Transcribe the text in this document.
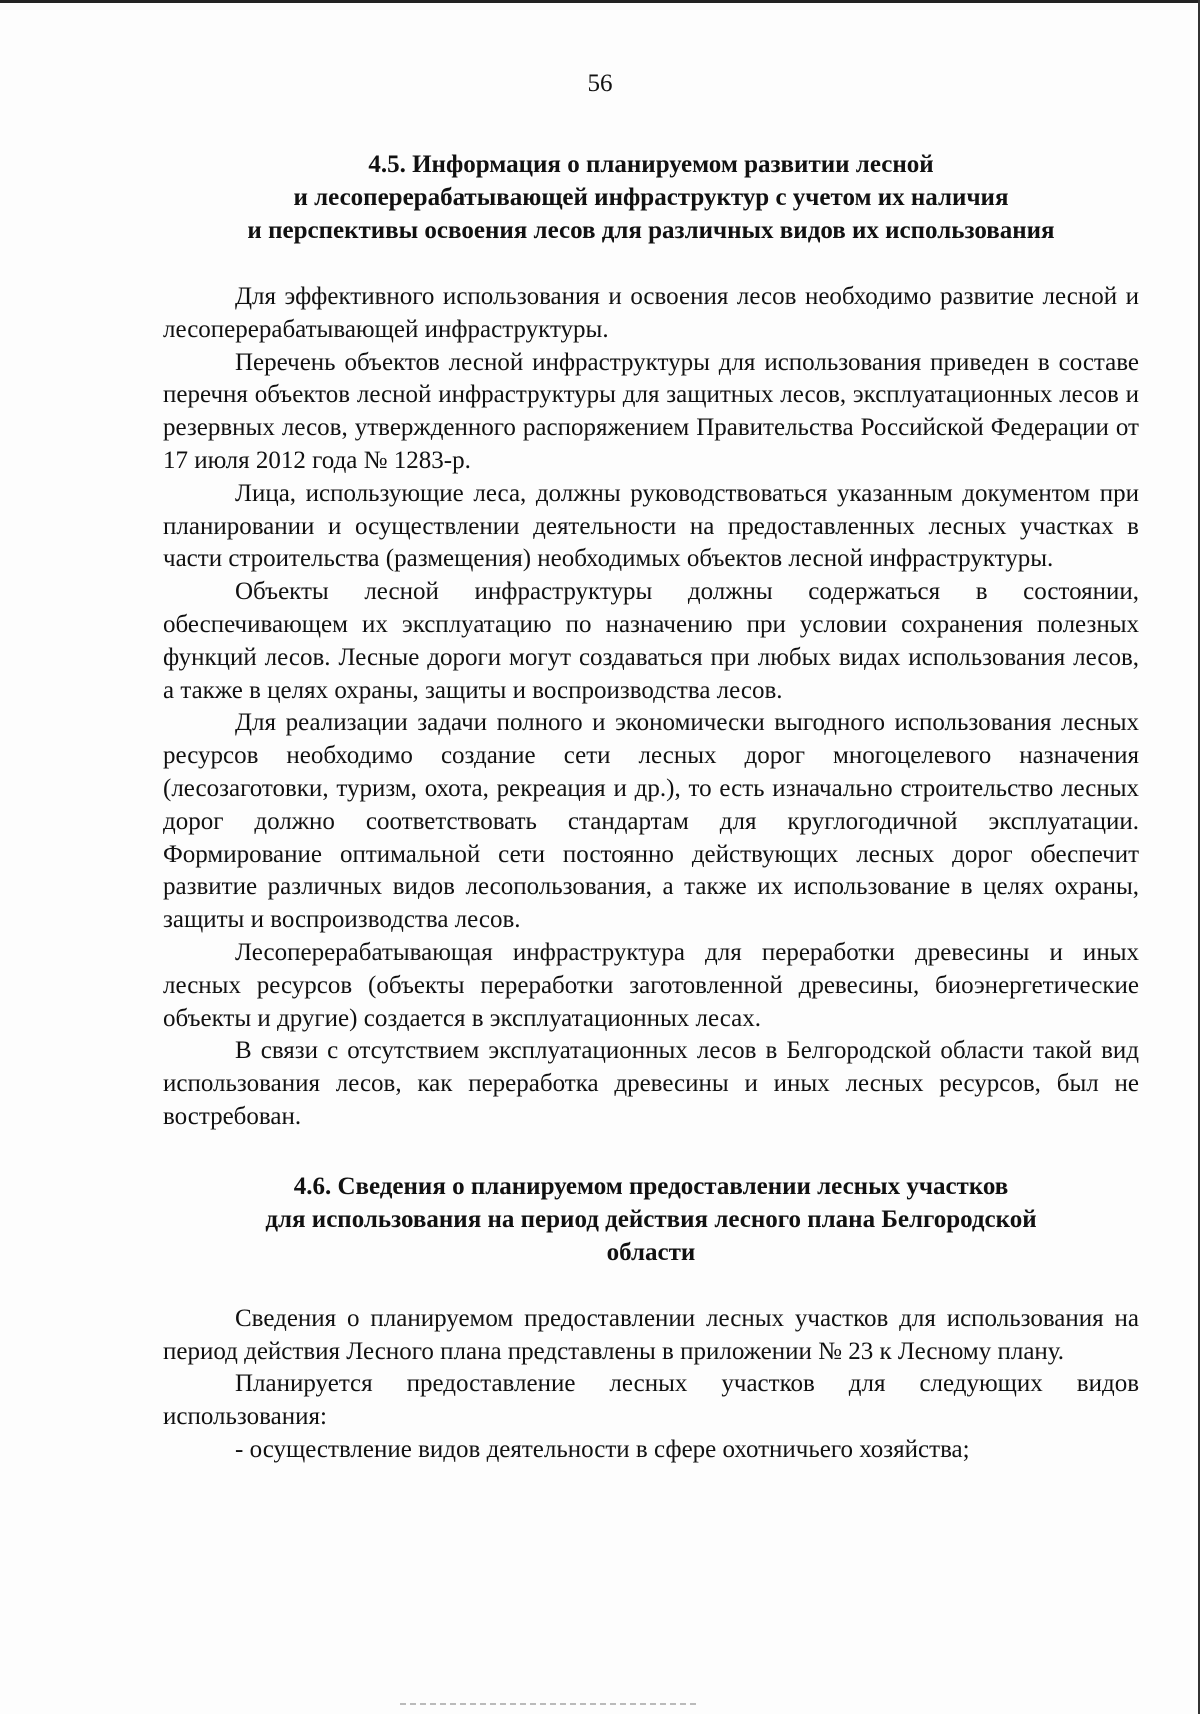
56
4.5. Информация о планируемом развитии лесной
и лесоперерабатывающей инфраструктур с учетом их наличия
и перспективы освоения лесов для различных видов их использования

Для эффективного использования и освоения лесов необходимо развитие лесной и лесоперерабатывающей инфраструктуры.

Перечень объектов лесной инфраструктуры для использования приведен в составе перечня объектов лесной инфраструктуры для защитных лесов, эксплуатационных лесов и резервных лесов, утвержденного распоряжением Правительства Российской Федерации от 17 июля 2012 года № 1283-р.

Лица, использующие леса, должны руководствоваться указанным документом при планировании и осуществлении деятельности на предоставленных лесных участках в части строительства (размещения) необходимых объектов лесной инфраструктуры.

Объекты лесной инфраструктуры должны содержаться в состоянии, обеспечивающем их эксплуатацию по назначению при условии сохранения полезных функций лесов. Лесные дороги могут создаваться при любых видах использования лесов, а также в целях охраны, защиты и воспроизводства лесов.

Для реализации задачи полного и экономически выгодного использования лесных ресурсов необходимо создание сети лесных дорог многоцелевого назначения (лесозаготовки, туризм, охота, рекреация и др.), то есть изначально строительство лесных дорог должно соответствовать стандартам для круглогодичной эксплуатации. Формирование оптимальной сети постоянно действующих лесных дорог обеспечит развитие различных видов лесопользования, а также их использование в целях охраны, защиты и воспроизводства лесов.

Лесоперерабатывающая инфраструктура для переработки древесины и иных лесных ресурсов (объекты переработки заготовленной древесины, биоэнергетические объекты и другие) создается в эксплуатационных лесах.

В связи с отсутствием эксплуатационных лесов в Белгородской области такой вид использования лесов, как переработка древесины и иных лесных ресурсов, был не востребован.

4.6. Сведения о планируемом предоставлении лесных участков
для использования на период действия лесного плана Белгородской
области

Сведения о планируемом предоставлении лесных участков для использования на период действия Лесного плана представлены в приложении № 23 к Лесному плану.

Планируется предоставление лесных участков для следующих видов использования:

- осуществление видов деятельности в сфере охотничьего хозяйства;
